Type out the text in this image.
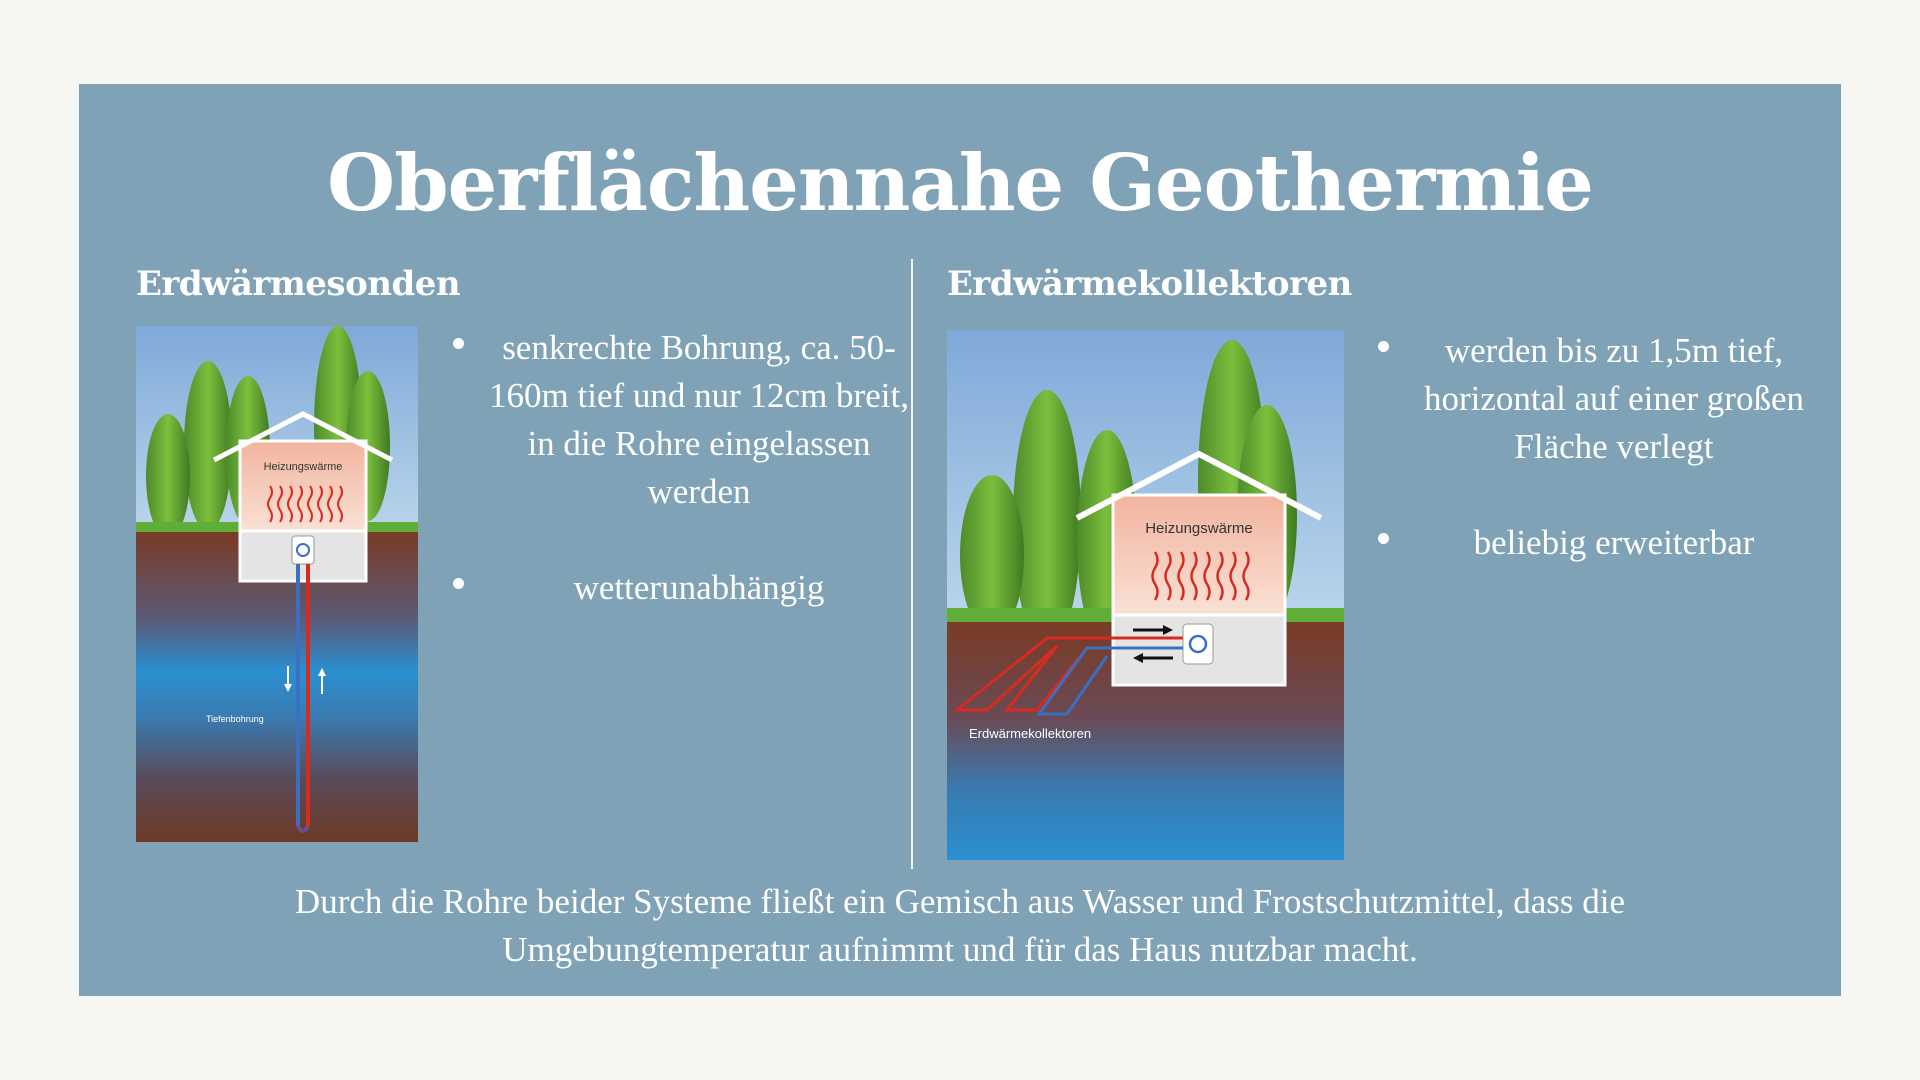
Oberflächennahe Geothermie
Erdwärmesonden
Heizungswärme
Tiefenbohrung
senkrechte Bohrung, ca. 50-160m tief und nur 12cm breit, in die Rohre eingelassen werden
wetterunabhängig
Erdwärmekollektoren
Heizungswärme
Erdwärmekollektoren
werden bis zu 1,5m tief, horizontal auf einer großen Fläche verlegt
beliebig erweiterbar
Durch die Rohre beider Systeme fließt ein Gemisch aus Wasser und Frostschutzmittel, dass die Umgebungtemperatur aufnimmt und für das Haus nutzbar macht.
